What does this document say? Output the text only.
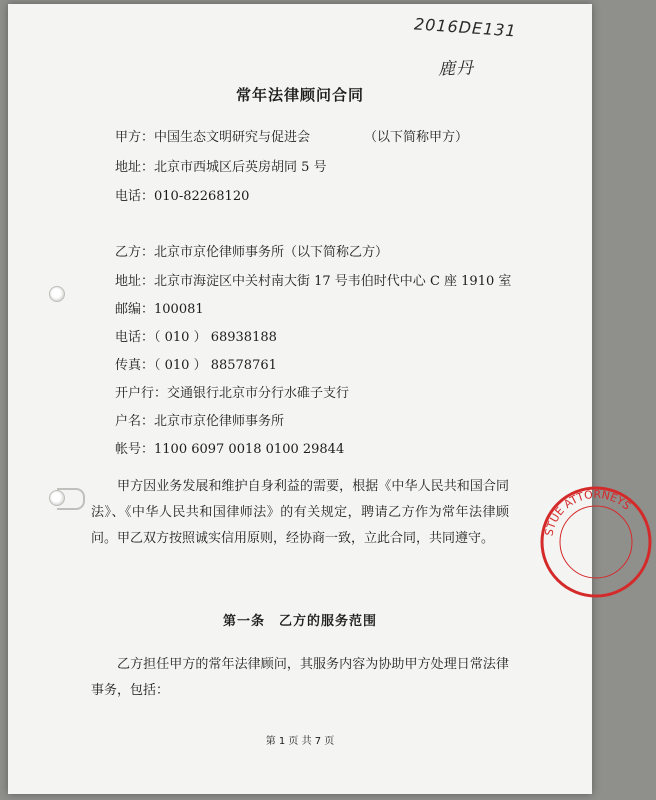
2016DE131
鹿丹
常年法律顾问合同
甲方：中国生态文明研究与促进会	（以下简称甲方）
地址：北京市西城区后英房胡同 5 号
电话：010-82268120
乙方：北京市京伦律师事务所（以下简称乙方）
地址：北京市海淀区中关村南大街 17 号韦伯时代中心 C 座 1910 室
邮编：100081
电话：（ 010 ） 68938188
传真：（ 010 ） 88578761
开户行：交通银行北京市分行水碓子支行
户名：北京市京伦律师事务所
帐号：1100 6097 0018 0100 29844

甲方因业务发展和维护自身利益的需要，根据《中华人民共和国合同法》、《中华人民共和国律师法》的有关规定，聘请乙方作为常年法律顾问。甲乙双方按照诚实信用原则，经协商一致，立此合同，共同遵守。

第一条　乙方的服务范围

乙方担任甲方的常年法律顾问，其服务内容为协助甲方处理日常法律事务，包括：

第 1 页 共 7 页
STUE ATTORNEYS
